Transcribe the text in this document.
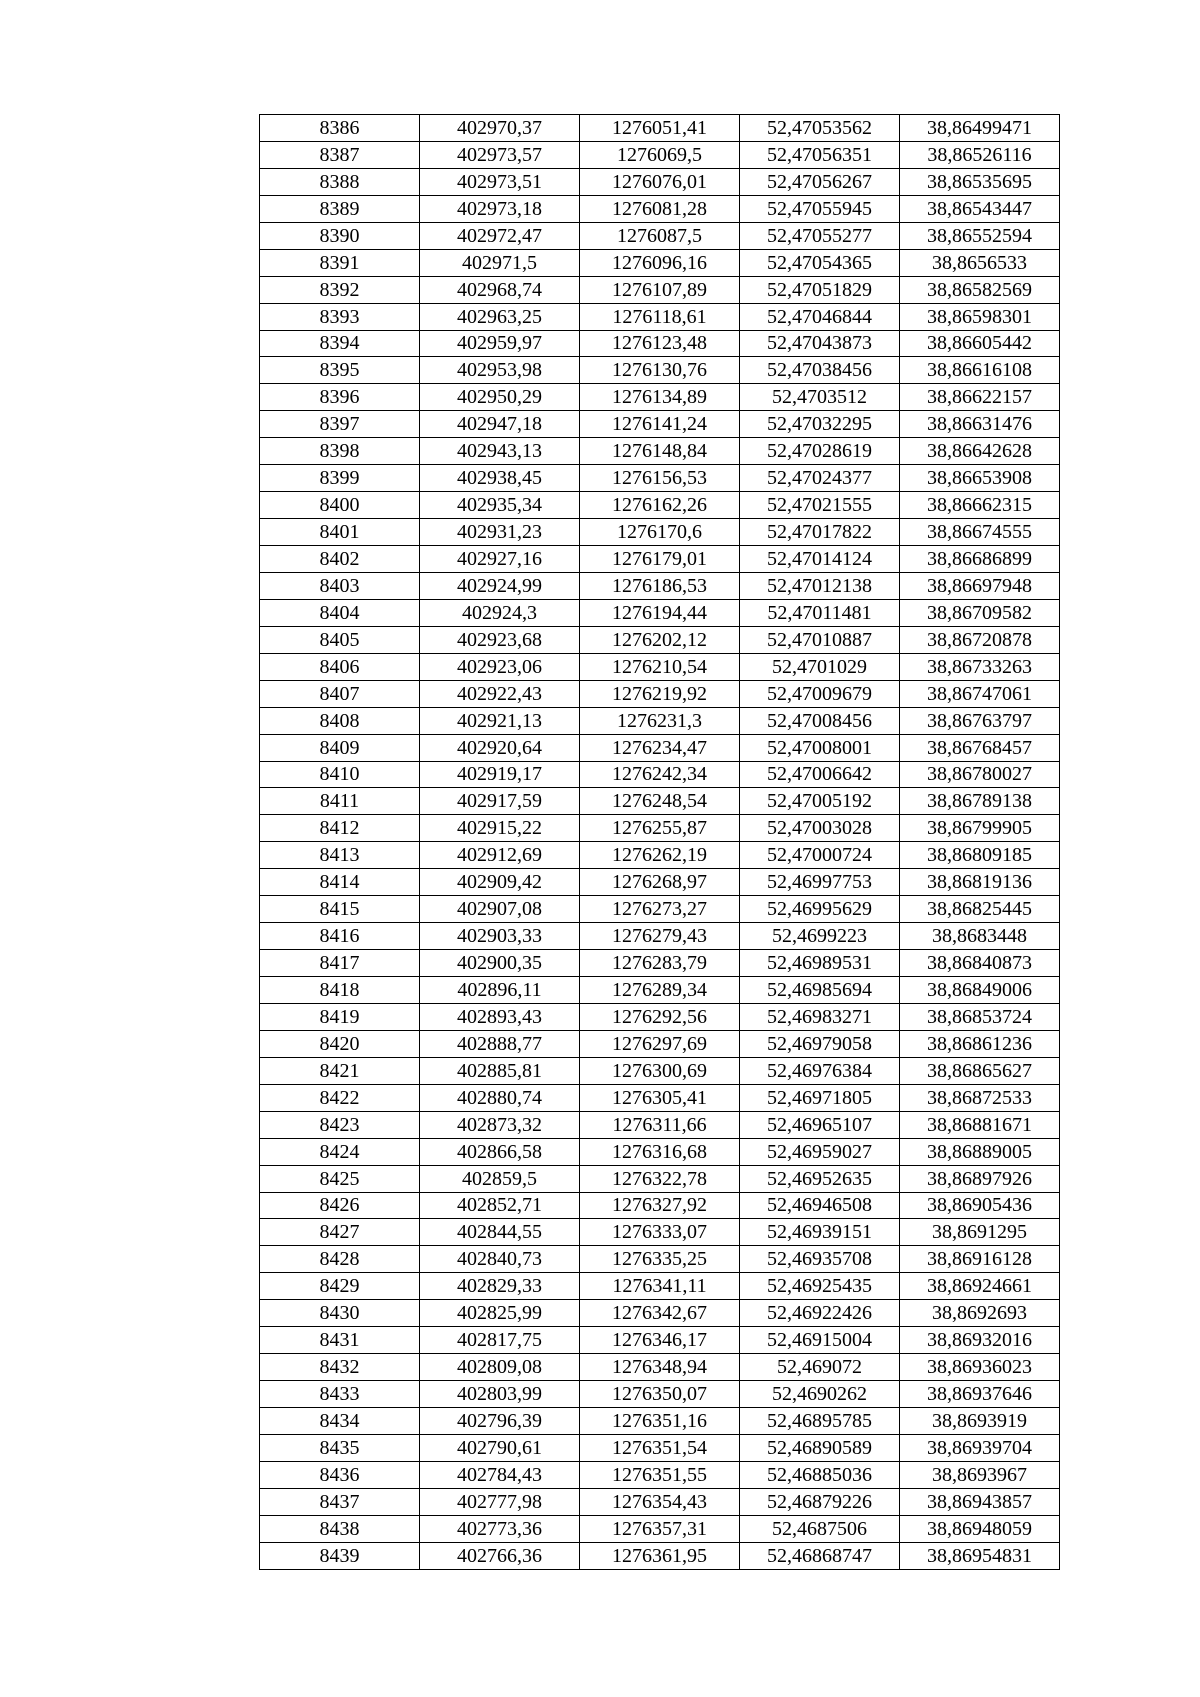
8386	402970,37	1276051,41	52,47053562	38,86499471
8387	402973,57	1276069,5	52,47056351	38,86526116
8388	402973,51	1276076,01	52,47056267	38,86535695
8389	402973,18	1276081,28	52,47055945	38,86543447
8390	402972,47	1276087,5	52,47055277	38,86552594
8391	402971,5	1276096,16	52,47054365	38,8656533
8392	402968,74	1276107,89	52,47051829	38,86582569
8393	402963,25	1276118,61	52,47046844	38,86598301
8394	402959,97	1276123,48	52,47043873	38,86605442
8395	402953,98	1276130,76	52,47038456	38,86616108
8396	402950,29	1276134,89	52,4703512	38,86622157
8397	402947,18	1276141,24	52,47032295	38,86631476
8398	402943,13	1276148,84	52,47028619	38,86642628
8399	402938,45	1276156,53	52,47024377	38,86653908
8400	402935,34	1276162,26	52,47021555	38,86662315
8401	402931,23	1276170,6	52,47017822	38,86674555
8402	402927,16	1276179,01	52,47014124	38,86686899
8403	402924,99	1276186,53	52,47012138	38,86697948
8404	402924,3	1276194,44	52,47011481	38,86709582
8405	402923,68	1276202,12	52,47010887	38,86720878
8406	402923,06	1276210,54	52,4701029	38,86733263
8407	402922,43	1276219,92	52,47009679	38,86747061
8408	402921,13	1276231,3	52,47008456	38,86763797
8409	402920,64	1276234,47	52,47008001	38,86768457
8410	402919,17	1276242,34	52,47006642	38,86780027
8411	402917,59	1276248,54	52,47005192	38,86789138
8412	402915,22	1276255,87	52,47003028	38,86799905
8413	402912,69	1276262,19	52,47000724	38,86809185
8414	402909,42	1276268,97	52,46997753	38,86819136
8415	402907,08	1276273,27	52,46995629	38,86825445
8416	402903,33	1276279,43	52,4699223	38,8683448
8417	402900,35	1276283,79	52,46989531	38,86840873
8418	402896,11	1276289,34	52,46985694	38,86849006
8419	402893,43	1276292,56	52,46983271	38,86853724
8420	402888,77	1276297,69	52,46979058	38,86861236
8421	402885,81	1276300,69	52,46976384	38,86865627
8422	402880,74	1276305,41	52,46971805	38,86872533
8423	402873,32	1276311,66	52,46965107	38,86881671
8424	402866,58	1276316,68	52,46959027	38,86889005
8425	402859,5	1276322,78	52,46952635	38,86897926
8426	402852,71	1276327,92	52,46946508	38,86905436
8427	402844,55	1276333,07	52,46939151	38,8691295
8428	402840,73	1276335,25	52,46935708	38,86916128
8429	402829,33	1276341,11	52,46925435	38,86924661
8430	402825,99	1276342,67	52,46922426	38,8692693
8431	402817,75	1276346,17	52,46915004	38,86932016
8432	402809,08	1276348,94	52,469072	38,86936023
8433	402803,99	1276350,07	52,4690262	38,86937646
8434	402796,39	1276351,16	52,46895785	38,8693919
8435	402790,61	1276351,54	52,46890589	38,86939704
8436	402784,43	1276351,55	52,46885036	38,8693967
8437	402777,98	1276354,43	52,46879226	38,86943857
8438	402773,36	1276357,31	52,4687506	38,86948059
8439	402766,36	1276361,95	52,46868747	38,86954831
